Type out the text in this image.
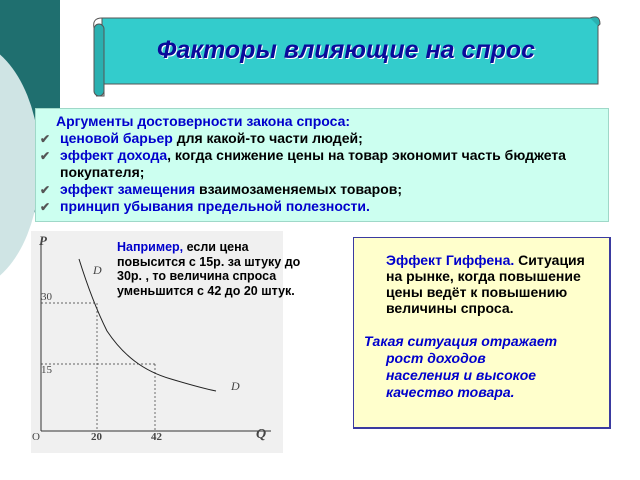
Факторы влияющие на спрос
Аргументы достоверности закона спроса:
✔ ценовой барьер для какой-то части людей;
✔ эффект дохода, когда снижение цены на товар экономит часть бюджета покупателя;
✔ эффект замещения взаимозаменяемых товаров;
✔ принцип убывания предельной полезности.
P
Q
O
D
D
30
15
20	42
Например, если цена повысится с 15р. за штуку до 30р. , то величина спроса уменьшится с 42 до 20 штук.
Эффект Гиффена. Ситуация на рынке, когда повышение цены ведёт к повышению величины спроса.
Такая ситуация отражает
рост доходов
населения и высокое
качество товара.
